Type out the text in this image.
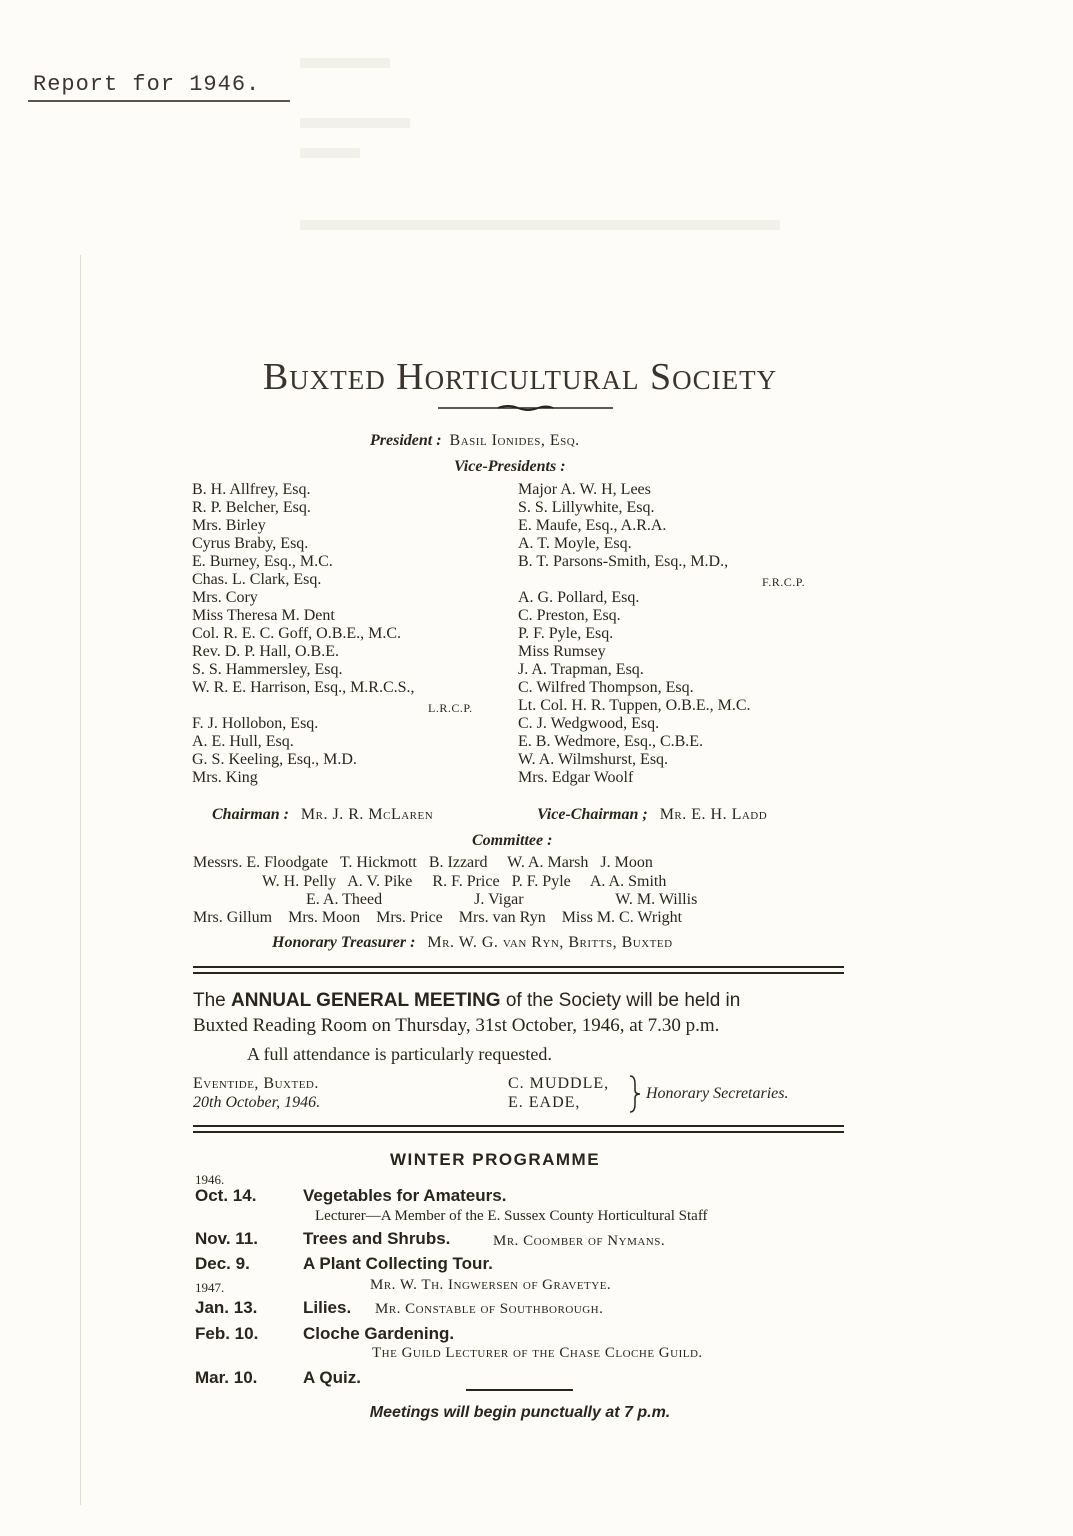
Report for 1946.
Buxted Horticultural Society
President : Basil Ionides, Esq.
Vice-Presidents :
B. H. Allfrey, Esq.
R. P. Belcher, Esq.
Mrs. Birley
Cyrus Braby, Esq.
E. Burney, Esq., M.C.
Chas. L. Clark, Esq.
Mrs. Cory
Miss Theresa M. Dent
Col. R. E. C. Goff, O.B.E., M.C.
Rev. D. P. Hall, O.B.E.
S. S. Hammersley, Esq.
W. R. E. Harrison, Esq., M.R.C.S.,
L.R.C.P.
F. J. Hollobon, Esq.
A. E. Hull, Esq.
G. S. Keeling, Esq., M.D.
Mrs. King
Major A. W. H, Lees
S. S. Lillywhite, Esq.
E. Maufe, Esq., A.R.A.
A. T. Moyle, Esq.
B. T. Parsons-Smith, Esq., M.D.,
F.R.C.P.
A. G. Pollard, Esq.
C. Preston, Esq.
P. F. Pyle, Esq.
Miss Rumsey
J. A. Trapman, Esq.
C. Wilfred Thompson, Esq.
Lt. Col. H. R. Tuppen, O.B.E., M.C.
C. J. Wedgwood, Esq.
E. B. Wedmore, Esq., C.B.E.
W. A. Wilmshurst, Esq.
Mrs. Edgar Woolf
Chairman : Mr. J. R. McLaren	Vice-Chairman ; Mr. E. H. Ladd
Committee :
Messrs. E. Floodgate   T. Hickmott   B. Izzard     W. A. Marsh   J. Moon
W. H. Pelly   A. V. Pike     R. F. Price   P. F. Pyle     A. A. Smith
E. A. Theed                       J. Vigar                       W. M. Willis
Mrs. Gillum    Mrs. Moon    Mrs. Price    Mrs. van Ryn    Miss M. C. Wright
Honorary Treasurer : Mr. W. G. van Ryn, Britts, Buxted
The ANNUAL GENERAL MEETING of the Society will be held in
Buxted Reading Room on Thursday, 31st October, 1946, at 7.30 p.m.
A full attendance is particularly requested.
Eventide, Buxted.
20th October, 1946.
C. MUDDLE,
E. EADE,
Honorary Secretaries.
WINTER PROGRAMME
1946.
Oct. 14.	Vegetables for Amateurs.
Lecturer—A Member of the E. Sussex County Horticultural Staff
Nov. 11.	Trees and Shrubs.	Mr. Coomber of Nymans.
Dec. 9.	A Plant Collecting Tour.
1947.	Mr. W. Th. Ingwersen of Gravetye.
Jan. 13.	Lilies. Mr. Constable of Southborough.
Feb. 10.	Cloche Gardening.
The Guild Lecturer of the Chase Cloche Guild.
Mar. 10.	A Quiz.
Meetings will begin punctually at 7 p.m.
